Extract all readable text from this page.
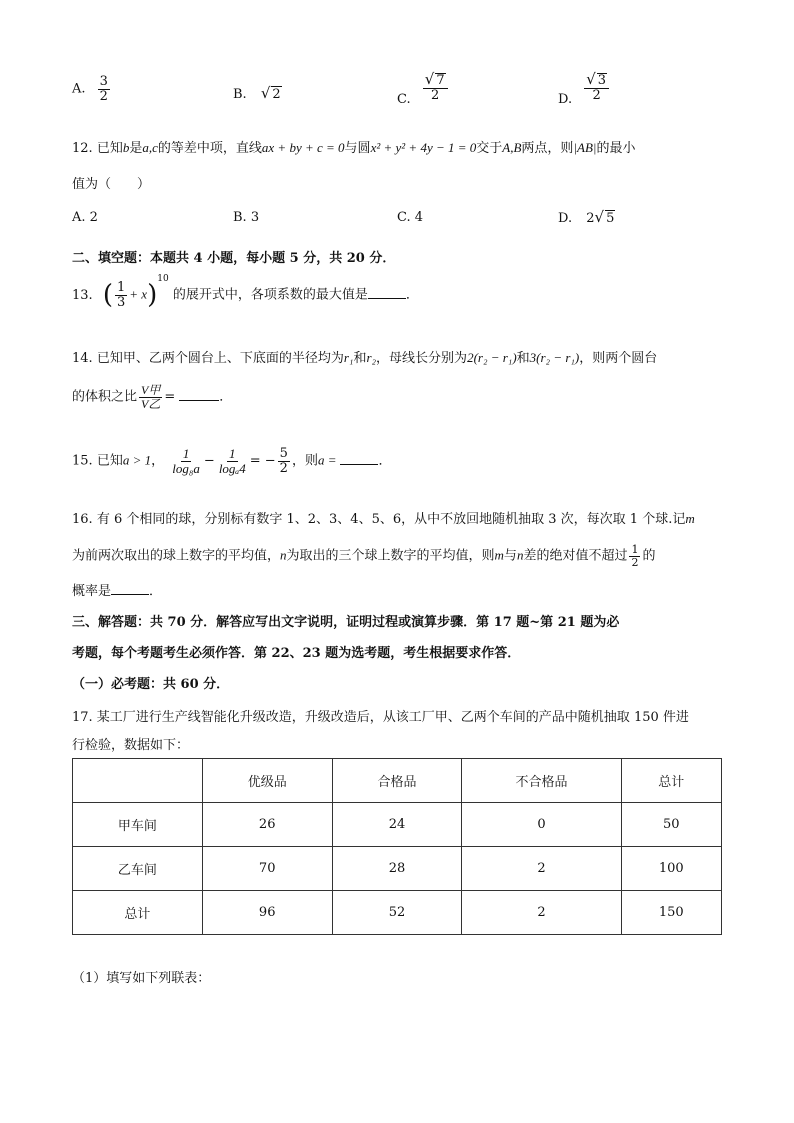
A. $\frac{3}{2}$	B. √ 2	C. $\frac{√ 7}{2}$	D. $\frac{√ 3}{2}$
12. 已知b是a,c的等差中项，直线ax + by + c = 0与圆x² + y² + 4y − 1 = 0交于A,B两点，则|AB|的最小
值为（　　）
A. 2	B. 3	C. 4	D. 2√ 5
二、填空题：本题共 4 小题，每小题 5 分，共 20 分．
13. ( $\frac{1}{3} + x)^{10}$ 的展开式中，各项系数的最大值是	．
14. 已知甲、乙两个圆台上、下底面的半径均为r₁和r₂，母线长分别为2(r₂ − r₁)和3(r₂ − r₁)，则两个圆台
的体积之比 $\frac{\text{V甲}}{\text{V乙}}$ =	．
15. 已知a > 1， $\frac{1}{\text{log₈a}} - \frac{1}{\text{logₐ4}}$ = − $\frac{5}{2}$ ，则a =	．
16. 有 6 个相同的球，分别标有数字 1、2、3、4、5、6，从中不放回地随机抽取 3 次，每次取 1 个球.记m
为前两次取出的球上数字的平均值，n为取出的三个球上数字的平均值，则m与n差的绝对值不超过 $\frac{1}{2}$ 的
概率是	．
三、解答题：共 70 分．解答应写出文字说明，证明过程或演算步骤．第 17 题~第 21 题为必
考题，每个考题考生必须作答．第 22、23 题为选考题，考生根据要求作答．
（一）必考题：共 60 分．
17. 某工厂进行生产线智能化升级改造，升级改造后，从该工厂甲、乙两个车间的产品中随机抽取 150 件进
行检验，数据如下：
	优级品	合格品	不合格品	总计
甲车间	26	24	0	50
乙车间	70	28	2	100
总计	96	52	2	150
（1）填写如下列联表：
